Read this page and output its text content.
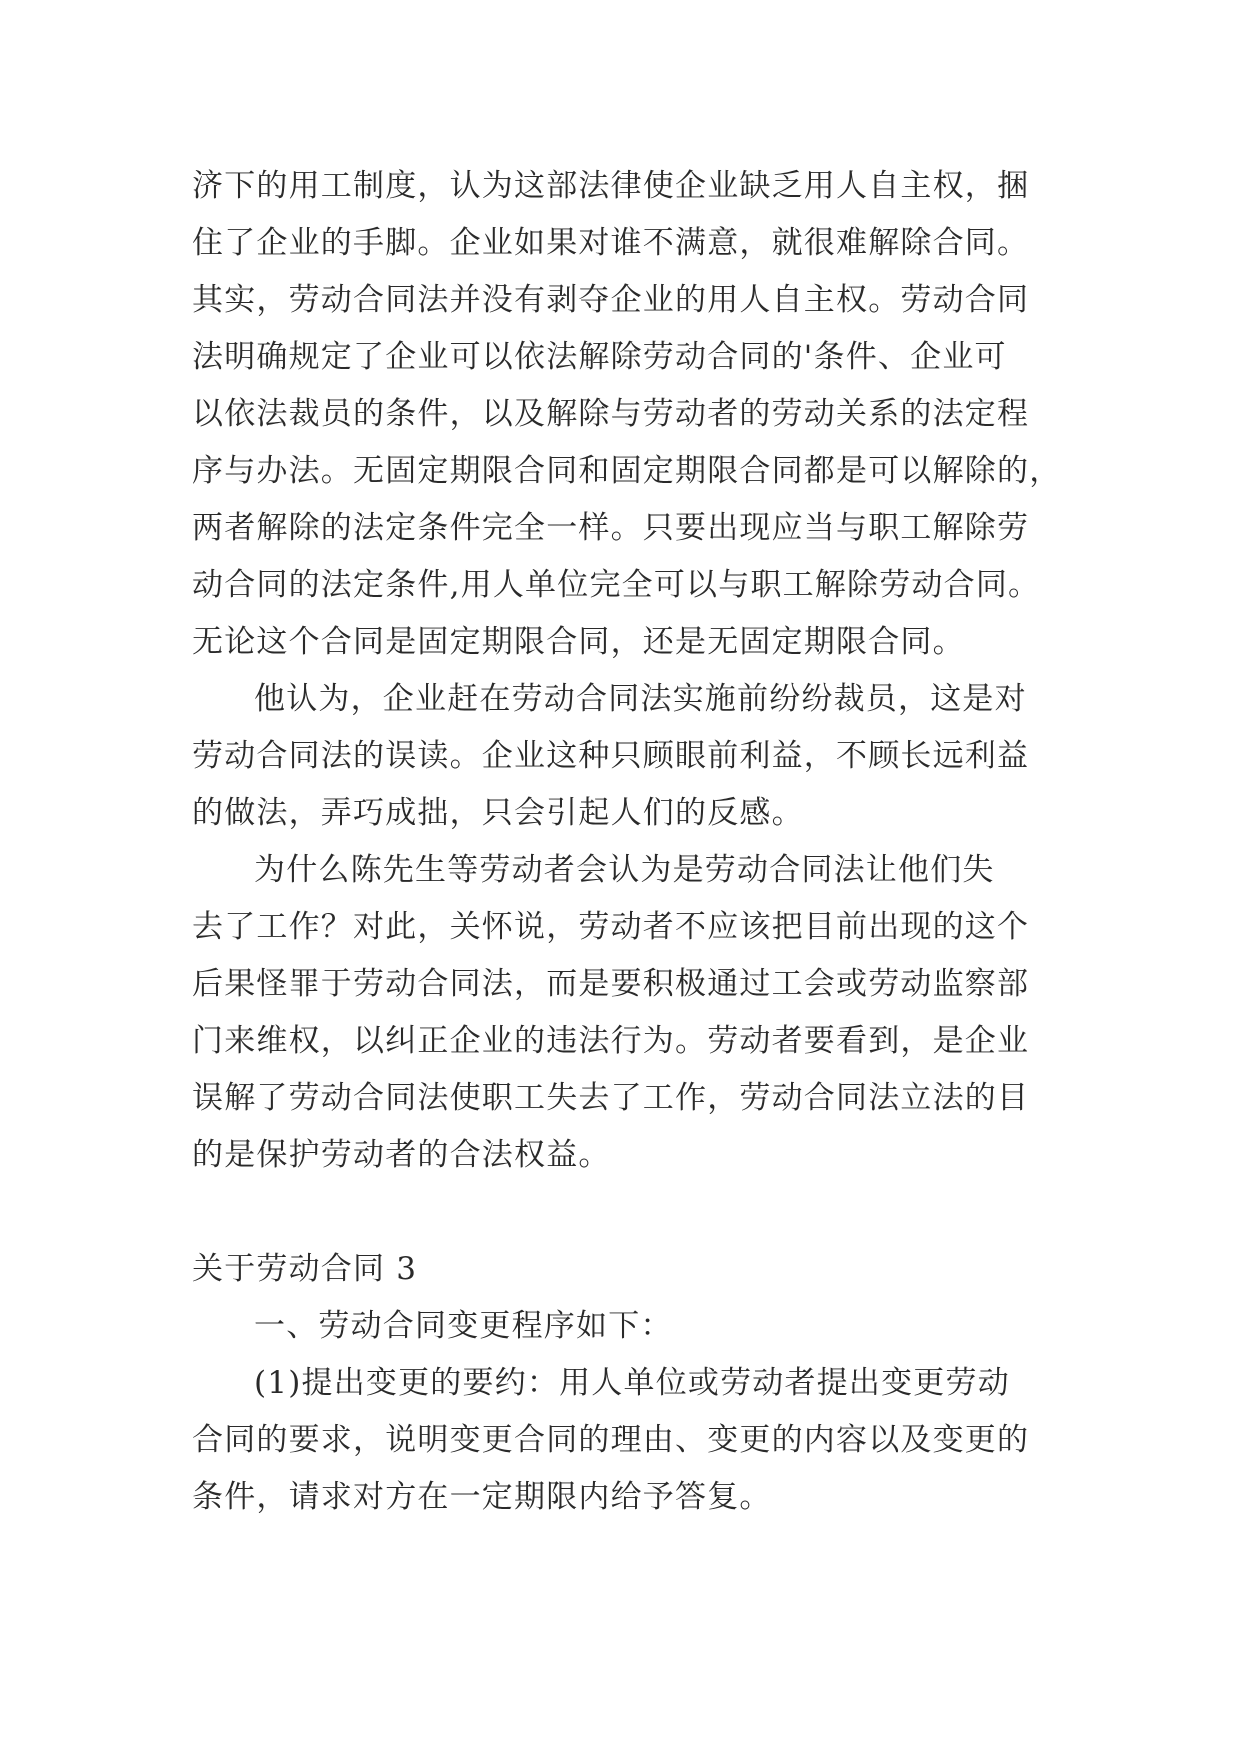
济下的用工制度，认为这部法律使企业缺乏用人自主权，捆
住了企业的手脚。企业如果对谁不满意，就很难解除合同。
其实，劳动合同法并没有剥夺企业的用人自主权。劳动合同
法明确规定了企业可以依法解除劳动合同的'条件、企业可
以依法裁员的条件，以及解除与劳动者的劳动关系的法定程
序与办法。无固定期限合同和固定期限合同都是可以解除的，
两者解除的法定条件完全一样。只要出现应当与职工解除劳
动合同的法定条件,用人单位完全可以与职工解除劳动合同。
无论这个合同是固定期限合同，还是无固定期限合同。
他认为，企业赶在劳动合同法实施前纷纷裁员，这是对
劳动合同法的误读。企业这种只顾眼前利益，不顾长远利益
的做法，弄巧成拙，只会引起人们的反感。
为什么陈先生等劳动者会认为是劳动合同法让他们失
去了工作？对此，关怀说，劳动者不应该把目前出现的这个
后果怪罪于劳动合同法，而是要积极通过工会或劳动监察部
门来维权，以纠正企业的违法行为。劳动者要看到，是企业
误解了劳动合同法使职工失去了工作，劳动合同法立法的目
的是保护劳动者的合法权益。
关于劳动合同 3
一、劳动合同变更程序如下：
(1)提出变更的要约：用人单位或劳动者提出变更劳动
合同的要求，说明变更合同的理由、变更的内容以及变更的
条件，请求对方在一定期限内给予答复。
